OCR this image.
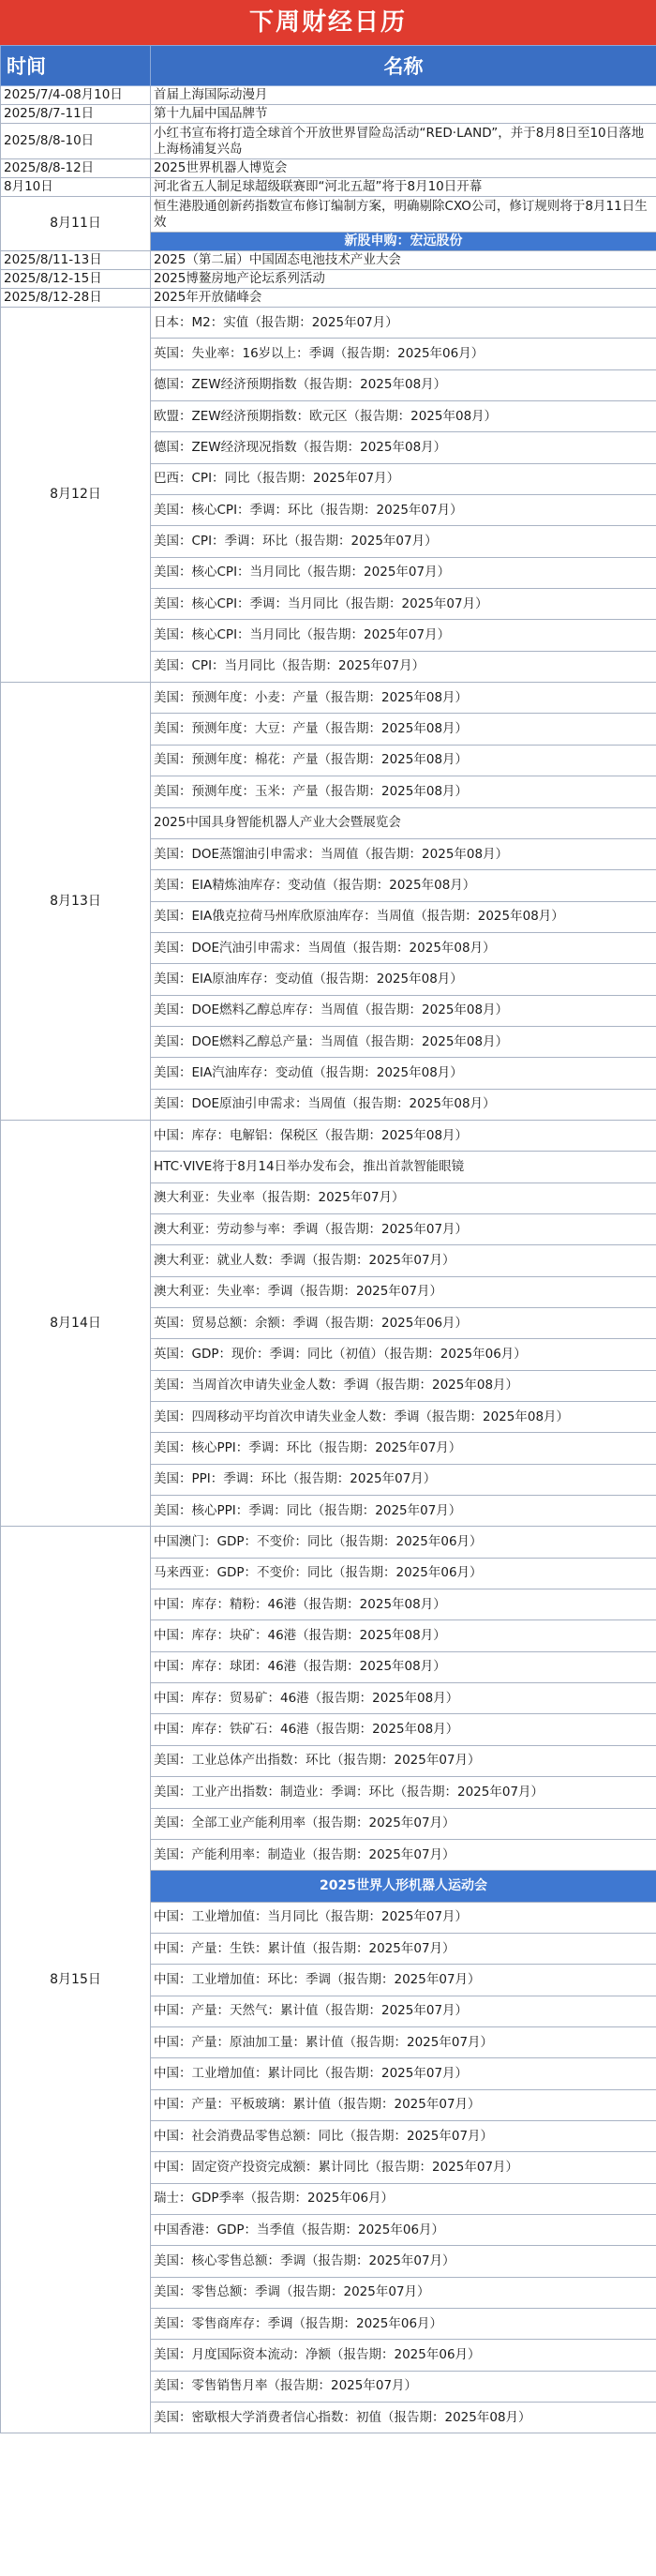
下周财经日历
时间	名称
2025/7/4-08月10日	首届上海国际动漫月
2025/8/7-11日	第十九届中国品牌节
2025/8/8-10日	小红书宣布将打造全球首个开放世界冒险岛活动“RED·LAND”，并于8月8日至10日落地上海杨浦复兴岛
2025/8/8-12日	2025世界机器人博览会
8月10日	河北省五人制足球超级联赛即“河北五超”将于8月10日开幕
8月11日	恒生港股通创新药指数宣布修订编制方案，明确剔除CXO公司，修订规则将于8月11日生效
	新股申购：宏远股份
2025/8/11-13日	2025（第二届）中国固态电池技术产业大会
2025/8/12-15日	2025博鳌房地产论坛系列活动
2025/8/12-28日	2025年开放储峰会
8月12日	日本：M2：实值（报告期：2025年07月）
	英国：失业率：16岁以上：季调（报告期：2025年06月）
	德国：ZEW经济预期指数（报告期：2025年08月）
	欧盟：ZEW经济预期指数：欧元区（报告期：2025年08月）
	德国：ZEW经济现况指数（报告期：2025年08月）
	巴西：CPI：同比（报告期：2025年07月）
	美国：核心CPI：季调：环比（报告期：2025年07月）
	美国：CPI：季调：环比（报告期：2025年07月）
	美国：核心CPI：当月同比（报告期：2025年07月）
	美国：核心CPI：季调：当月同比（报告期：2025年07月）
	美国：核心CPI：当月同比（报告期：2025年07月）
	美国：CPI：当月同比（报告期：2025年07月）
8月13日	美国：预测年度：小麦：产量（报告期：2025年08月）
	美国：预测年度：大豆：产量（报告期：2025年08月）
	美国：预测年度：棉花：产量（报告期：2025年08月）
	美国：预测年度：玉米：产量（报告期：2025年08月）
	2025中国具身智能机器人产业大会暨展览会
	美国：DOE蒸馏油引申需求：当周值（报告期：2025年08月）
	美国：EIA精炼油库存：变动值（报告期：2025年08月）
	美国：EIA俄克拉荷马州库欣原油库存：当周值（报告期：2025年08月）
	美国：DOE汽油引申需求：当周值（报告期：2025年08月）
	美国：EIA原油库存：变动值（报告期：2025年08月）
	美国：DOE燃料乙醇总库存：当周值（报告期：2025年08月）
	美国：DOE燃料乙醇总产量：当周值（报告期：2025年08月）
	美国：EIA汽油库存：变动值（报告期：2025年08月）
	美国：DOE原油引申需求：当周值（报告期：2025年08月）
8月14日	中国：库存：电解铝：保税区（报告期：2025年08月）
	HTC·VIVE将于8月14日举办发布会，推出首款智能眼镜
	澳大利亚：失业率（报告期：2025年07月）
	澳大利亚：劳动参与率：季调（报告期：2025年07月）
	澳大利亚：就业人数：季调（报告期：2025年07月）
	澳大利亚：失业率：季调（报告期：2025年07月）
	英国：贸易总额：余额：季调（报告期：2025年06月）
	英国：GDP：现价：季调：同比（初值）（报告期：2025年06月）
	美国：当周首次申请失业金人数：季调（报告期：2025年08月）
	美国：四周移动平均首次申请失业金人数：季调（报告期：2025年08月）
	美国：核心PPI：季调：环比（报告期：2025年07月）
	美国：PPI：季调：环比（报告期：2025年07月）
	美国：核心PPI：季调：同比（报告期：2025年07月）
8月15日	中国澳门：GDP：不变价：同比（报告期：2025年06月）
	马来西亚：GDP：不变价：同比（报告期：2025年06月）
	中国：库存：精粉：46港（报告期：2025年08月）
	中国：库存：块矿：46港（报告期：2025年08月）
	中国：库存：球团：46港（报告期：2025年08月）
	中国：库存：贸易矿：46港（报告期：2025年08月）
	中国：库存：铁矿石：46港（报告期：2025年08月）
	美国：工业总体产出指数：环比（报告期：2025年07月）
	美国：工业产出指数：制造业：季调：环比（报告期：2025年07月）
	美国：全部工业产能利用率（报告期：2025年07月）
	美国：产能利用率：制造业（报告期：2025年07月）
	2025世界人形机器人运动会
	中国：工业增加值：当月同比（报告期：2025年07月）
	中国：产量：生铁：累计值（报告期：2025年07月）
	中国：工业增加值：环比：季调（报告期：2025年07月）
	中国：产量：天然气：累计值（报告期：2025年07月）
	中国：产量：原油加工量：累计值（报告期：2025年07月）
	中国：工业增加值：累计同比（报告期：2025年07月）
	中国：产量：平板玻璃：累计值（报告期：2025年07月）
	中国：社会消费品零售总额：同比（报告期：2025年07月）
	中国：固定资产投资完成额：累计同比（报告期：2025年07月）
	瑞士：GDP季率（报告期：2025年06月）
	中国香港：GDP：当季值（报告期：2025年06月）
	美国：核心零售总额：季调（报告期：2025年07月）
	美国：零售总额：季调（报告期：2025年07月）
	美国：零售商库存：季调（报告期：2025年06月）
	美国：月度国际资本流动：净额（报告期：2025年06月）
	美国：零售销售月率（报告期：2025年07月）
	美国：密歇根大学消费者信心指数：初值（报告期：2025年08月）
